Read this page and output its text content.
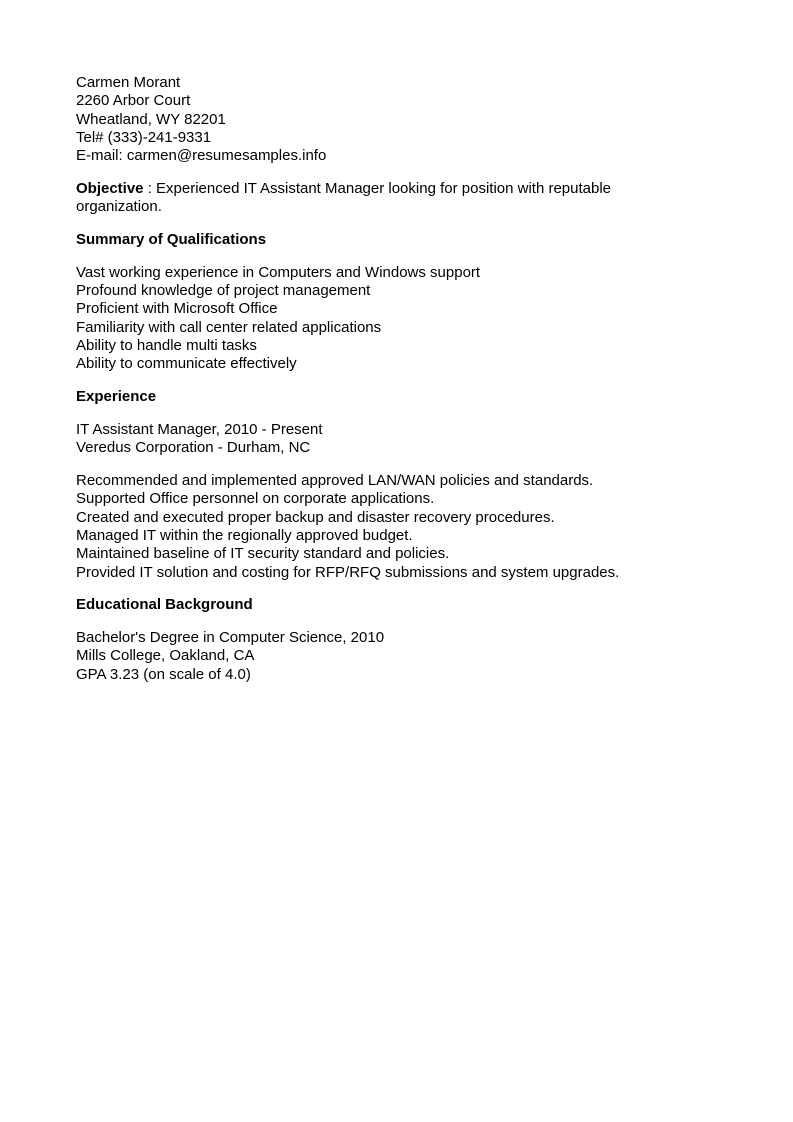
Carmen Morant
2260 Arbor Court
Wheatland, WY 82201
Tel# (333)-241-9331
E-mail: carmen@resumesamples.info

Objective : Experienced IT Assistant Manager looking for position with reputable organization.

Summary of Qualifications
Vast working experience in Computers and Windows support
Profound knowledge of project management
Proficient with Microsoft Office
Familiarity with call center related applications
Ability to handle multi tasks
Ability to communicate effectively
Experience
IT Assistant Manager, 2010 - Present
Veredus Corporation - Durham, NC
Recommended and implemented approved LAN/WAN policies and standards.
Supported Office personnel on corporate applications.
Created and executed proper backup and disaster recovery procedures.
Managed IT within the regionally approved budget.
Maintained baseline of IT security standard and policies.
Provided IT solution and costing for RFP/RFQ submissions and system upgrades.
Educational Background
Bachelor's Degree in Computer Science, 2010
Mills College, Oakland, CA
GPA 3.23 (on scale of 4.0)
